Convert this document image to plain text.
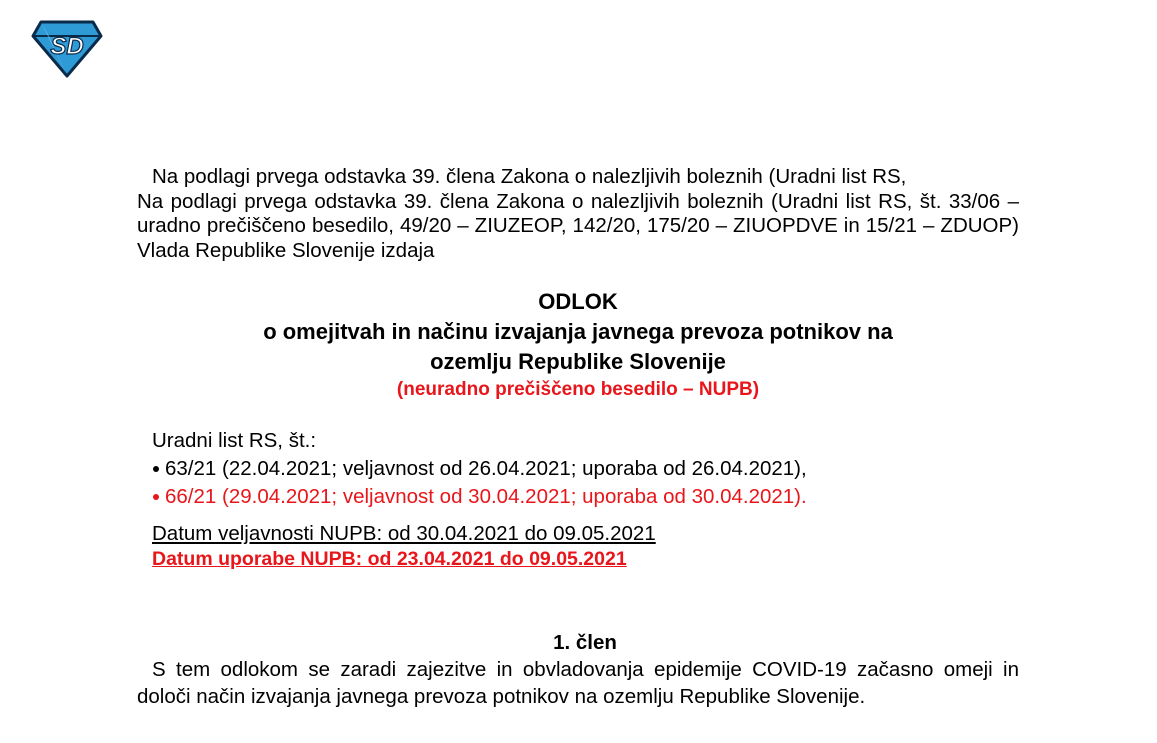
SD

Na podlagi prvega odstavka 39. člena Zakona o nalezljivih boleznih (Uradni list RS,
Na podlagi prvega odstavka 39. člena Zakona o nalezljivih boleznih (Uradni list RS, št. 33/06 – uradno prečiščeno besedilo, 49/20 – ZIUZEOP, 142/20, 175/20 – ZIUOPDVE in 15/21 – ZDUOP) Vlada Republike Slovenije izdaja

ODLOK

o omejitvah in načinu izvajanja javnega prevoza potnikov na

ozemlju Republike Slovenije

(neuradno prečiščeno besedilo – NUPB)

Uradni list RS, št.:
63/21 (22.04.2021; veljavnost od 26.04.2021; uporaba od 26.04.2021),
66/21 (29.04.2021; veljavnost od 30.04.2021; uporaba od 30.04.2021).
Datum veljavnosti NUPB: od 30.04.2021 do 09.05.2021
Datum uporabe NUPB: od 23.04.2021 do 09.05.2021
1. člen

S tem odlokom se zaradi zajezitve in obvladovanja epidemije COVID-19 začasno omeji in določi način izvajanja javnega prevoza potnikov na ozemlju Republike Slovenije.
